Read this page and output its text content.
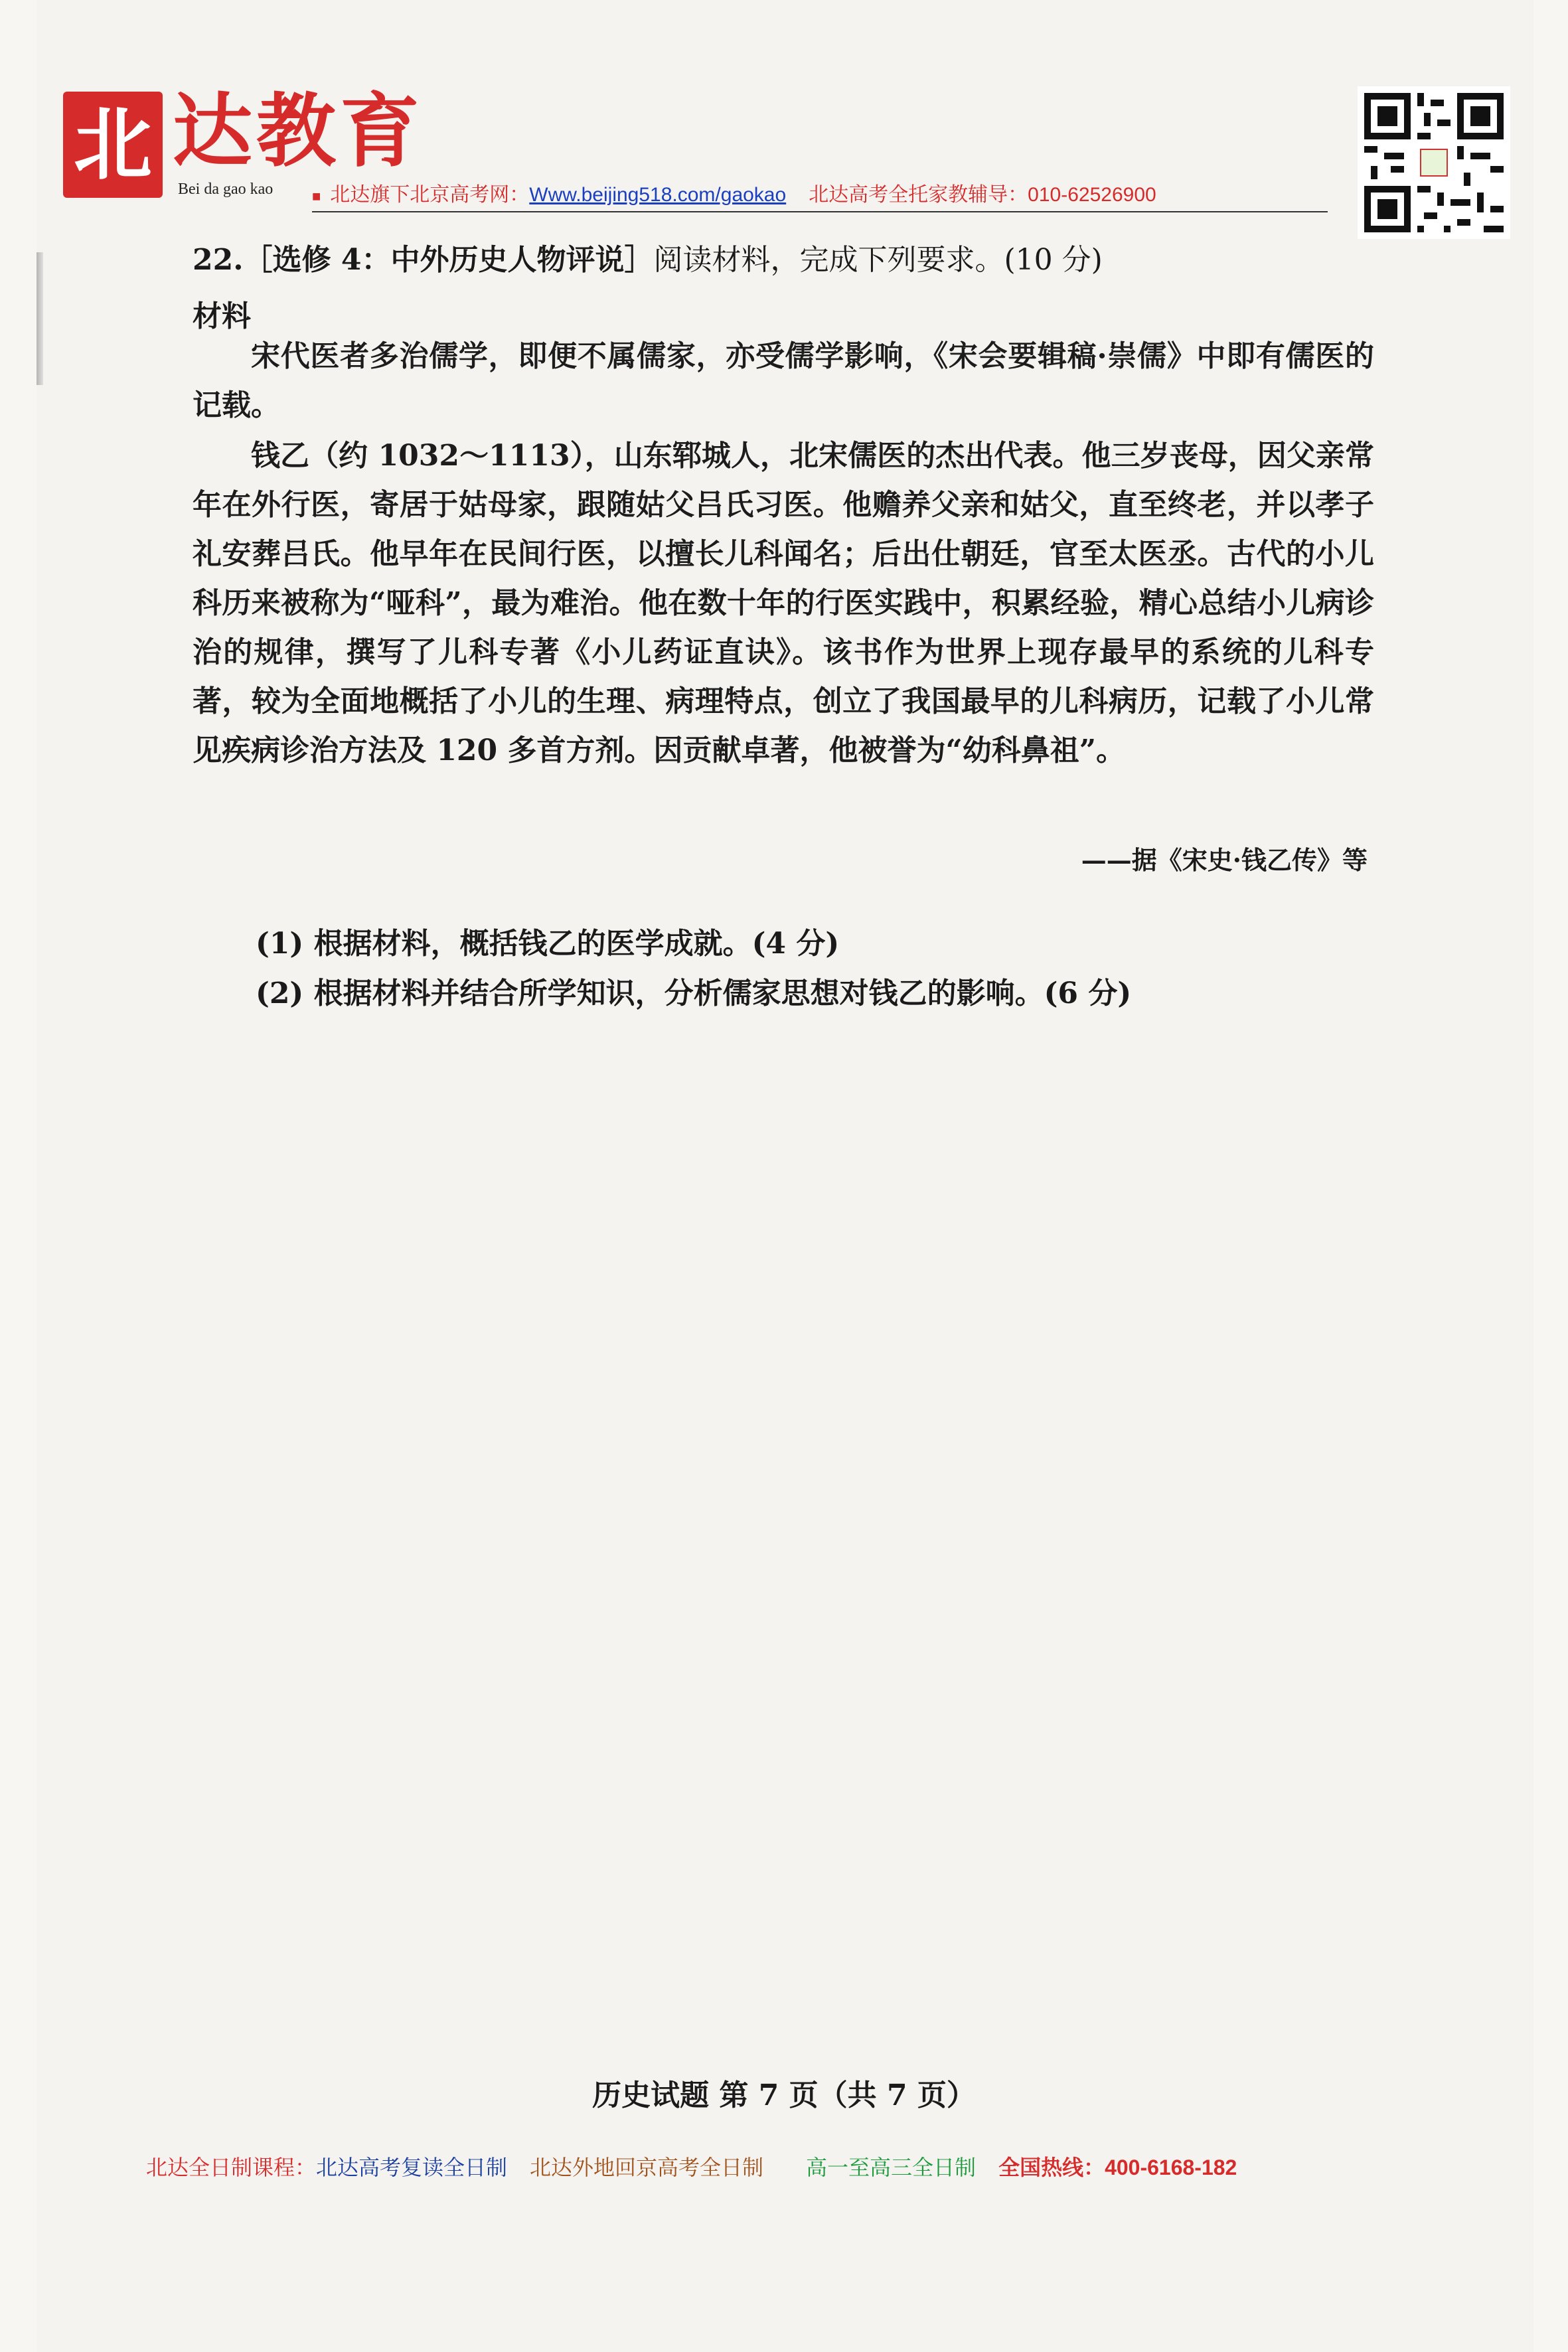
北 达教育
Bei da gao kao	■ 北达旗下北京高考网：Www.beijing518.com/gaokao 北达高考全托家教辅导：010-62526900
22.［选修 4：中外历史人物评说］阅读材料，完成下列要求。(10 分)
材料
宋代医者多治儒学，即便不属儒家，亦受儒学影响，《宋会要辑稿·崇儒》中即有儒医的记载。
钱乙（约 1032～1113），山东郓城人，北宋儒医的杰出代表。他三岁丧母，因父亲常年在外行医，寄居于姑母家，跟随姑父吕氏习医。他赡养父亲和姑父，直至终老，并以孝子礼安葬吕氏。他早年在民间行医，以擅长儿科闻名；后出仕朝廷，官至太医丞。古代的小儿科历来被称为“哑科”，最为难治。他在数十年的行医实践中，积累经验，精心总结小儿病诊治的规律，撰写了儿科专著《小儿药证直诀》。该书作为世界上现存最早的系统的儿科专著，较为全面地概括了小儿的生理、病理特点，创立了我国最早的儿科病历，记载了小儿常见疾病诊治方法及 120 多首方剂。因贡献卓著，他被誉为“幼科鼻祖”。
——据《宋史·钱乙传》等
(1) 根据材料，概括钱乙的医学成就。(4 分)
(2) 根据材料并结合所学知识，分析儒家思想对钱乙的影响。(6 分)
历史试题 第 7 页（共 7 页）
北达全日制课程：北达高考复读全日制 北达外地回京高考全日制 高一至高三全日制 全国热线：400-6168-182
